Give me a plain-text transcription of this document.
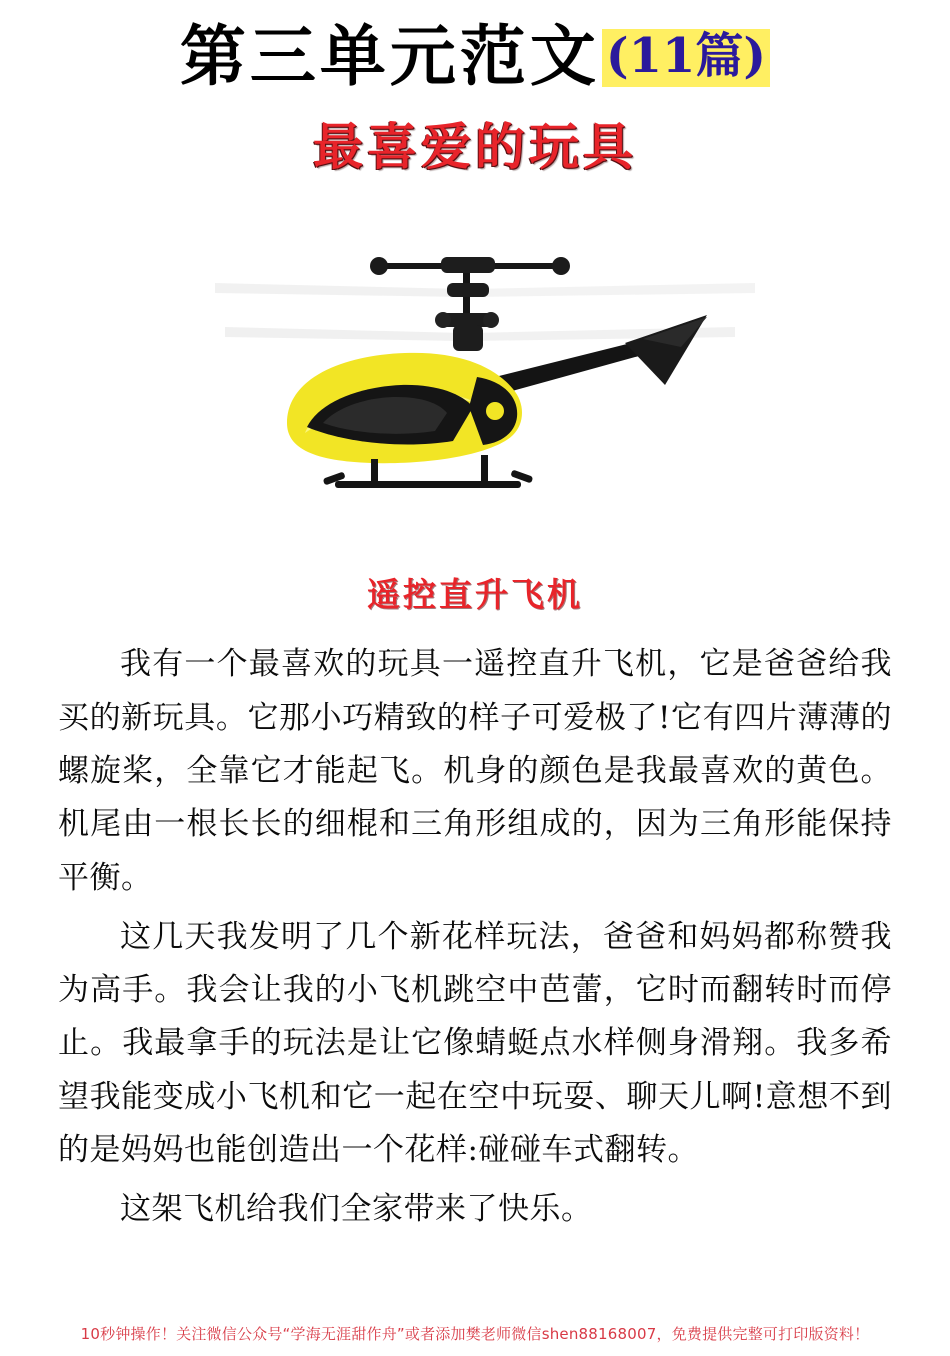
第三单元范文 (11篇)
最喜爱的玩具
遥控直升飞机

我有一个最喜欢的玩具一遥控直升飞机，它是爸爸给我买的新玩具。它那小巧精致的样子可爱极了!它有四片薄薄的螺旋桨，全靠它才能起飞。机身的颜色是我最喜欢的黄色。机尾由一根长长的细棍和三角形组成的，因为三角形能保持平衡。

这几天我发明了几个新花样玩法，爸爸和妈妈都称赞我为高手。我会让我的小飞机跳空中芭蕾，它时而翻转时而停止。我最拿手的玩法是让它像蜻蜓点水样侧身滑翔。我多希望我能变成小飞机和它一起在空中玩耍、聊天儿啊!意想不到的是妈妈也能创造出一个花样:碰碰车式翻转。

这架飞机给我们全家带来了快乐。

10秒钟操作！关注微信公众号“学海无涯甜作舟”或者添加樊老师微信shen88168007，免费提供完整可打印版资料！
